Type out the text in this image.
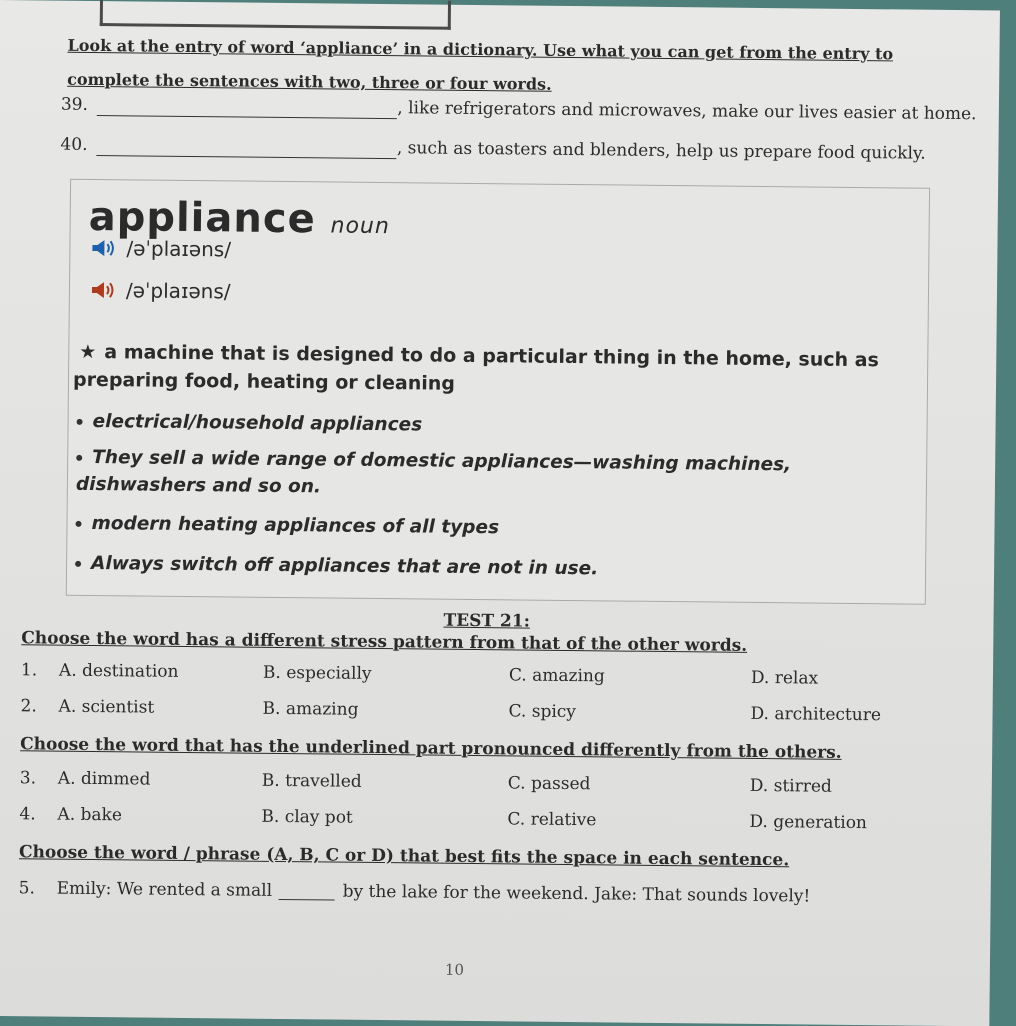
Look at the entry of word ‘appliance’ in a dictionary. Use what you can get from the entry to complete the sentences with two, three or four words.
39.	, like refrigerators and microwaves, make our lives easier at home.
40.	, such as toasters and blenders, help us prepare food quickly.
appliance noun
/əˈplaɪəns/
/əˈplaɪəns/
★ a machine that is designed to do a particular thing in the home, such as preparing food, heating or cleaning
electrical/household appliances
They sell a wide range of domestic appliances—washing machines, dishwashers and so on.
modern heating appliances of all types
Always switch off appliances that are not in use.
TEST 21:
Choose the word has a different stress pattern from that of the other words.
1. A. destination	B. especially	C. amazing	D. relax
2. A. scientist	B. amazing	C. spicy	D. architecture
Choose the word that has the underlined part pronounced differently from the others.
3. A. dimmed	B. travelled	C. passed	D. stirred
4. A. bake	B. clay pot	C. relative	D. generation
Choose the word / phrase (A, B, C or D) that best fits the space in each sentence.
5. Emily: We rented a small	by the lake for the weekend. Jake: That sounds lovely!
10
